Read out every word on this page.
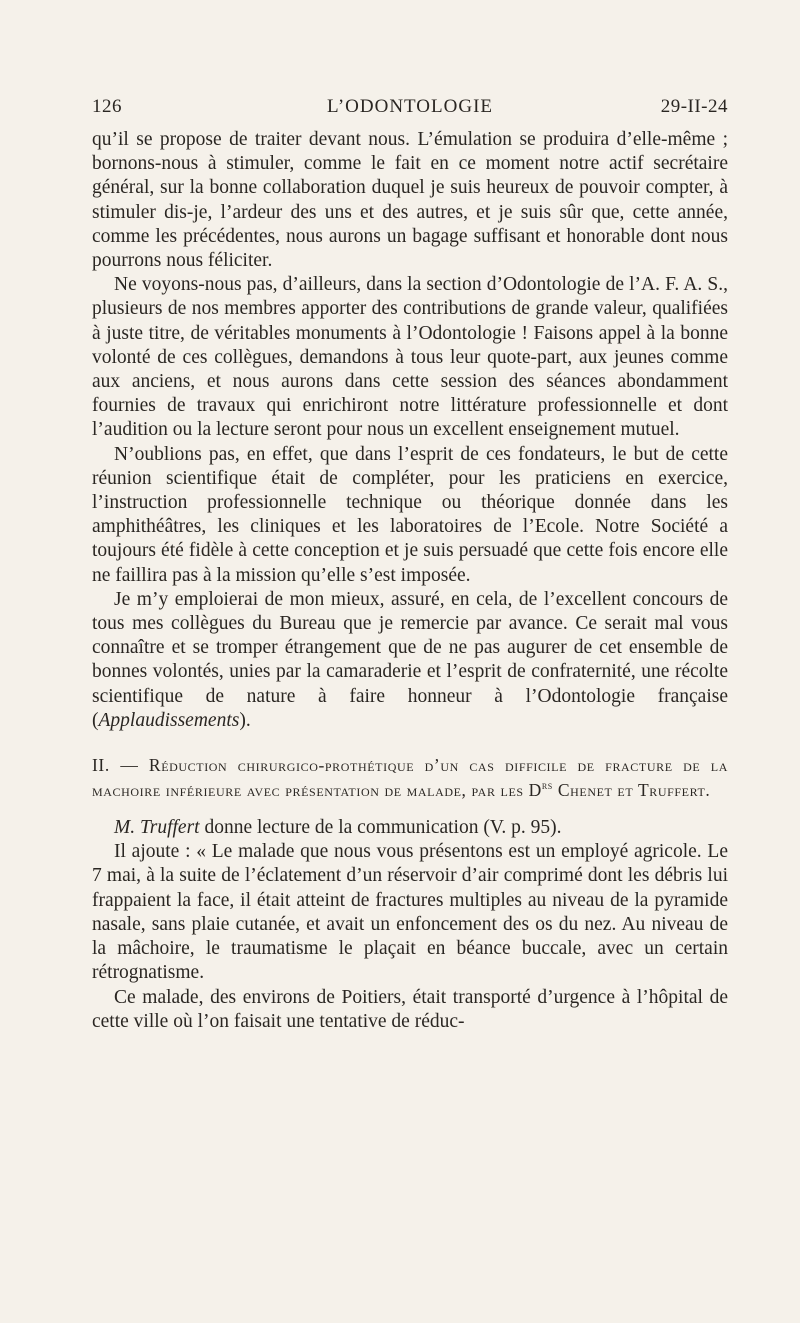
126	L’ODONTOLOGIE	29-II-24

qu’il se propose de traiter devant nous. L’émulation se produira d’elle-même ; bornons-nous à stimuler, comme le fait en ce moment notre actif secrétaire général, sur la bonne collaboration duquel je suis heureux de pouvoir compter, à stimuler dis-je, l’ardeur des uns et des autres, et je suis sûr que, cette année, comme les précédentes, nous aurons un bagage suffisant et honorable dont nous pourrons nous féliciter.

Ne voyons-nous pas, d’ailleurs, dans la section d’Odontologie de l’A. F. A. S., plusieurs de nos membres apporter des contributions de grande valeur, qualifiées à juste titre, de véritables monuments à l’Odontologie ! Faisons appel à la bonne volonté de ces collègues, demandons à tous leur quote-part, aux jeunes comme aux anciens, et nous aurons dans cette session des séances abondamment fournies de travaux qui enrichiront notre littérature professionnelle et dont l’audition ou la lecture seront pour nous un excellent enseignement mutuel.

N’oublions pas, en effet, que dans l’esprit de ces fondateurs, le but de cette réunion scientifique était de compléter, pour les praticiens en exercice, l’instruction professionnelle technique ou théorique donnée dans les amphithéâtres, les cliniques et les laboratoires de l’Ecole. Notre Société a toujours été fidèle à cette conception et je suis persuadé que cette fois encore elle ne faillira pas à la mission qu’elle s’est imposée.

Je m’y emploierai de mon mieux, assuré, en cela, de l’excellent concours de tous mes collègues du Bureau que je remercie par avance. Ce serait mal vous connaître et se tromper étrangement que de ne pas augurer de cet ensemble de bonnes volontés, unies par la camaraderie et l’esprit de confraternité, une récolte scientifique de nature à faire honneur à l’Odontologie française (Applaudissements).

II. — Réduction chirurgico-prothétique d’un cas difficile de fracture de la machoire inférieure avec présentation de malade, par les $D^{rs}$ Chenet et Truffert.

M. Truffert donne lecture de la communication (V. p. 95).

Il ajoute : « Le malade que nous vous présentons est un employé agricole. Le 7 mai, à la suite de l’éclatement d’un réservoir d’air comprimé dont les débris lui frappaient la face, il était atteint de fractures multiples au niveau de la pyramide nasale, sans plaie cutanée, et avait un enfoncement des os du nez. Au niveau de la mâchoire, le traumatisme le plaçait en béance buccale, avec un certain rétrognatisme.

Ce malade, des environs de Poitiers, était transporté d’urgence à l’hôpital de cette ville où l’on faisait une tentative de réduc-
